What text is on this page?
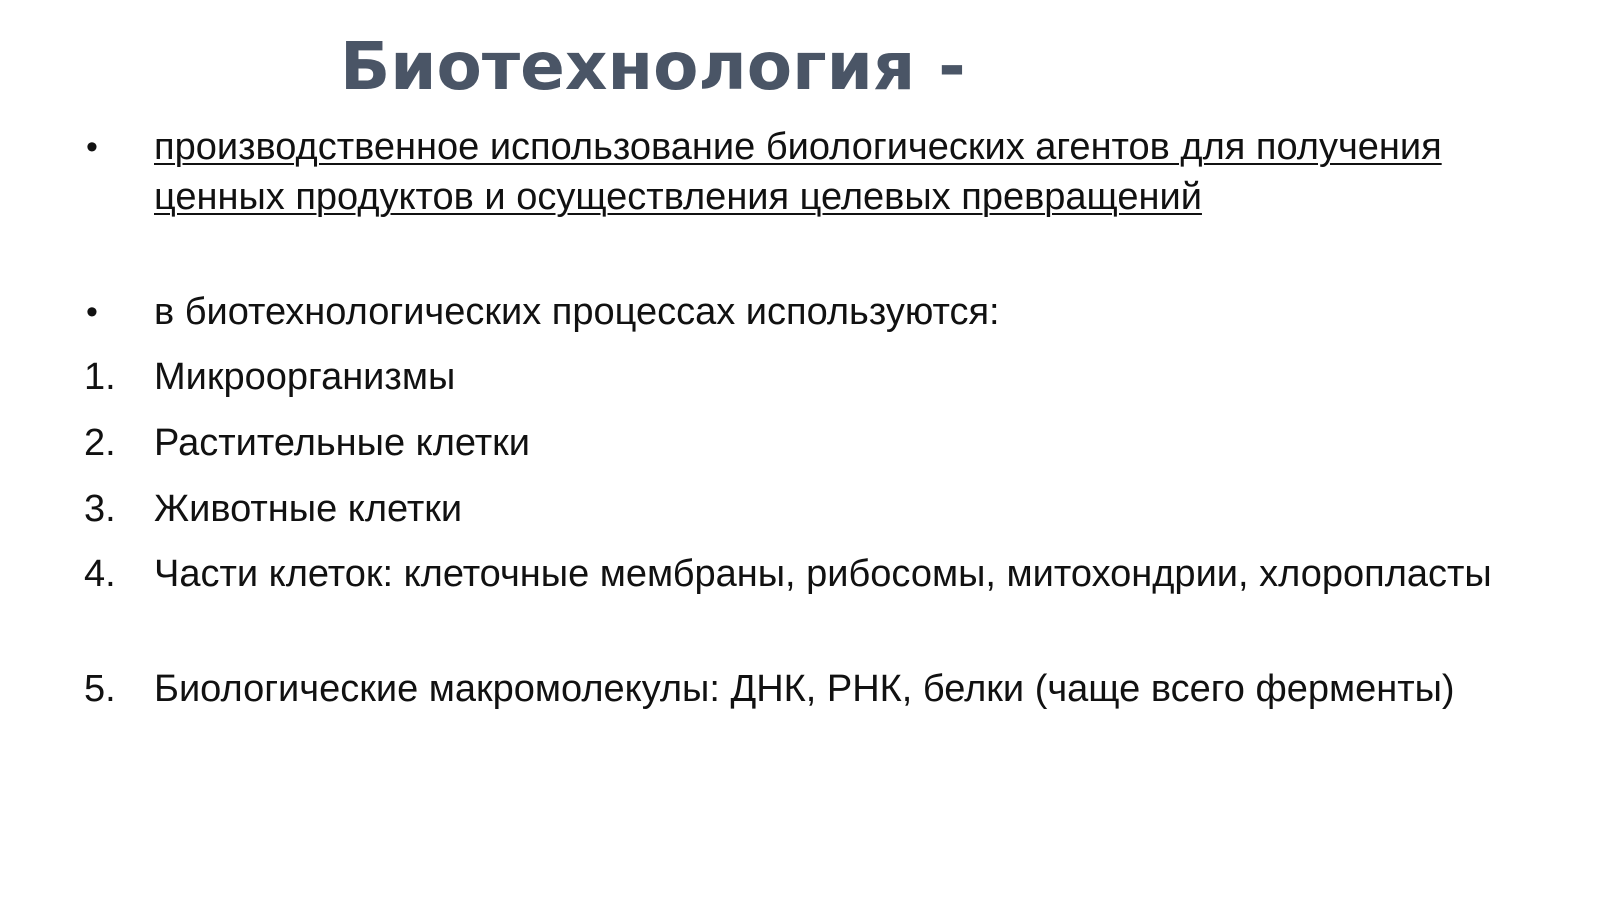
Биотехнология -
•	производственное использование биологических агентов для получения ценных продуктов и осуществления целевых превращений
•	в биотехнологических процессах используются:
1.	Микроорганизмы
2.	Растительные клетки
3.	Животные клетки
4.	Части клеток: клеточные мембраны, рибосомы, митохондрии, хлоропласты
5.	Биологические макромолекулы: ДНК, РНК, белки (чаще всего ферменты)
